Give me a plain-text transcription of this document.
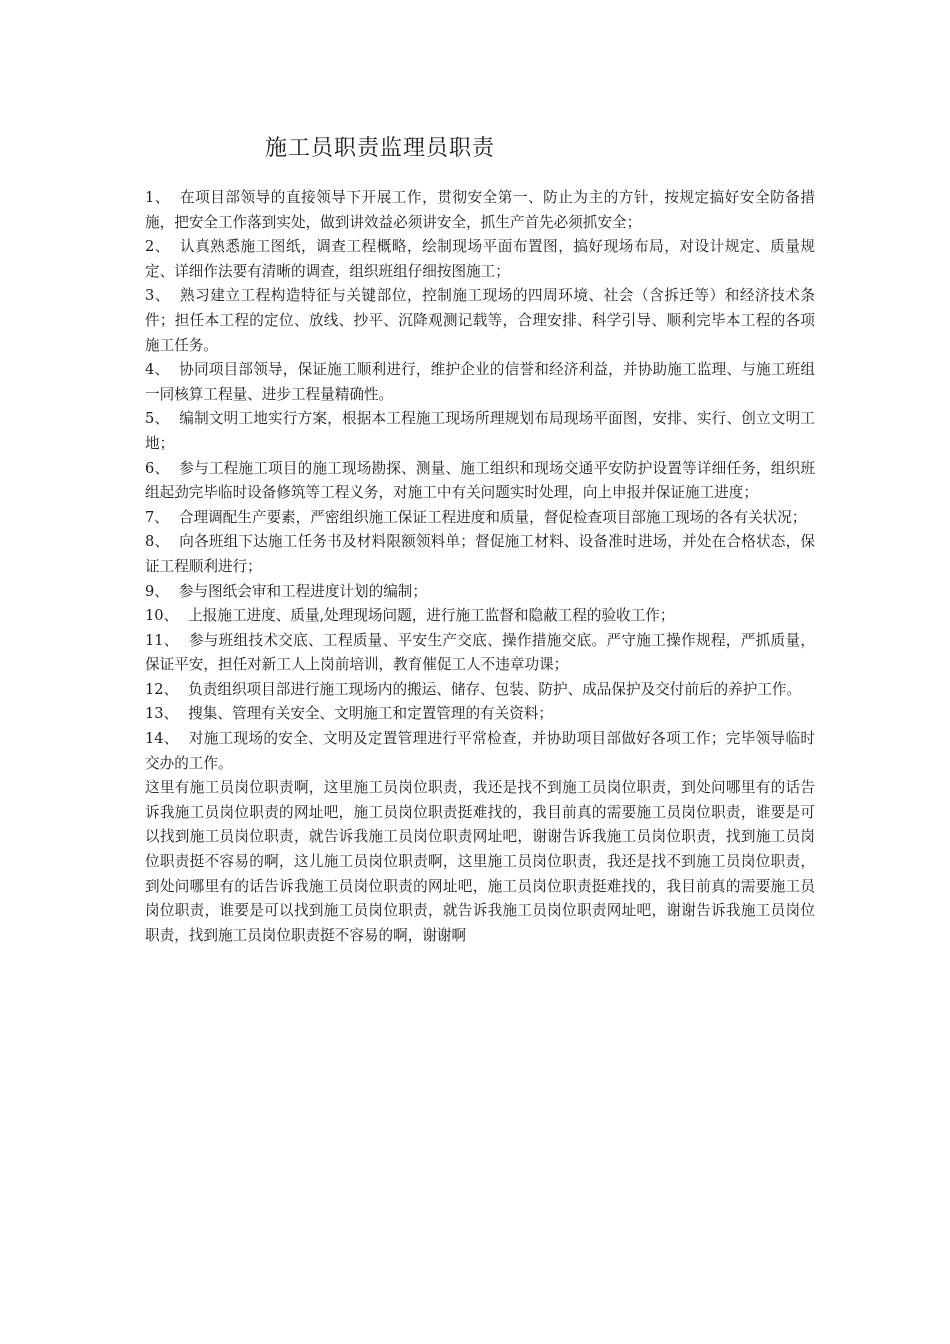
施工员职责监理员职责
1、 在项目部领导的直接领导下开展工作，贯彻安全第一、防止为主的方针，按规定搞好安全防备措施，把安全工作落到实处，做到讲效益必须讲安全，抓生产首先必须抓安全；
2、 认真熟悉施工图纸，调查工程概略，绘制现场平面布置图，搞好现场布局，对设计规定、质量规定、详细作法要有清晰的调查，组织班组仔细按图施工；
3、 熟习建立工程构造特征与关键部位，控制施工现场的四周环境、社会（含拆迁等）和经济技术条件；担任本工程的定位、放线、抄平、沉降观测记载等，合理安排、科学引导、顺利完毕本工程的各项施工任务。
4、 协同项目部领导，保证施工顺利进行，维护企业的信誉和经济利益，并协助施工监理、与施工班组一同核算工程量、进步工程量精确性。
5、 编制文明工地实行方案，根据本工程施工现场所理规划布局现场平面图，安排、实行、创立文明工地；
6、 参与工程施工项目的施工现场勘探、测量、施工组织和现场交通平安防护设置等详细任务，组织班组起劲完毕临时设备修筑等工程义务，对施工中有关问题实时处理，向上申报并保证施工进度；
7、 合理调配生产要素，严密组织施工保证工程进度和质量，督促检查项目部施工现场的各有关状况；
8、 向各班组下达施工任务书及材料限额领料单；督促施工材料、设备准时进场，并处在合格状态，保证工程顺利进行；
9、 参与图纸会审和工程进度计划的编制；
10、 上报施工进度、质量,处理现场问题，进行施工监督和隐蔽工程的验收工作；
11、 参与班组技术交底、工程质量、平安生产交底、操作措施交底。严守施工操作规程，严抓质量，保证平安，担任对新工人上岗前培训，教育催促工人不违章功课；
12、 负责组织项目部进行施工现场内的搬运、储存、包装、防护、成品保护及交付前后的养护工作。
13、 搜集、管理有关安全、文明施工和定置管理的有关资料；
14、 对施工现场的安全、文明及定置管理进行平常检查，并协助项目部做好各项工作；完毕领导临时交办的工作。

这里有施工员岗位职责啊，这里施工员岗位职责，我还是找不到施工员岗位职责，到处问哪里有的话告诉我施工员岗位职责的网址吧，施工员岗位职责挺难找的，我目前真的需要施工员岗位职责，谁要是可以找到施工员岗位职责，就告诉我施工员岗位职责网址吧，谢谢告诉我施工员岗位职责，找到施工员岗位职责挺不容易的啊，这儿施工员岗位职责啊，这里施工员岗位职责，我还是找不到施工员岗位职责，到处问哪里有的话告诉我施工员岗位职责的网址吧，施工员岗位职责挺难找的，我目前真的需要施工员岗位职责，谁要是可以找到施工员岗位职责，就告诉我施工员岗位职责网址吧，谢谢告诉我施工员岗位职责，找到施工员岗位职责挺不容易的啊，谢谢啊
